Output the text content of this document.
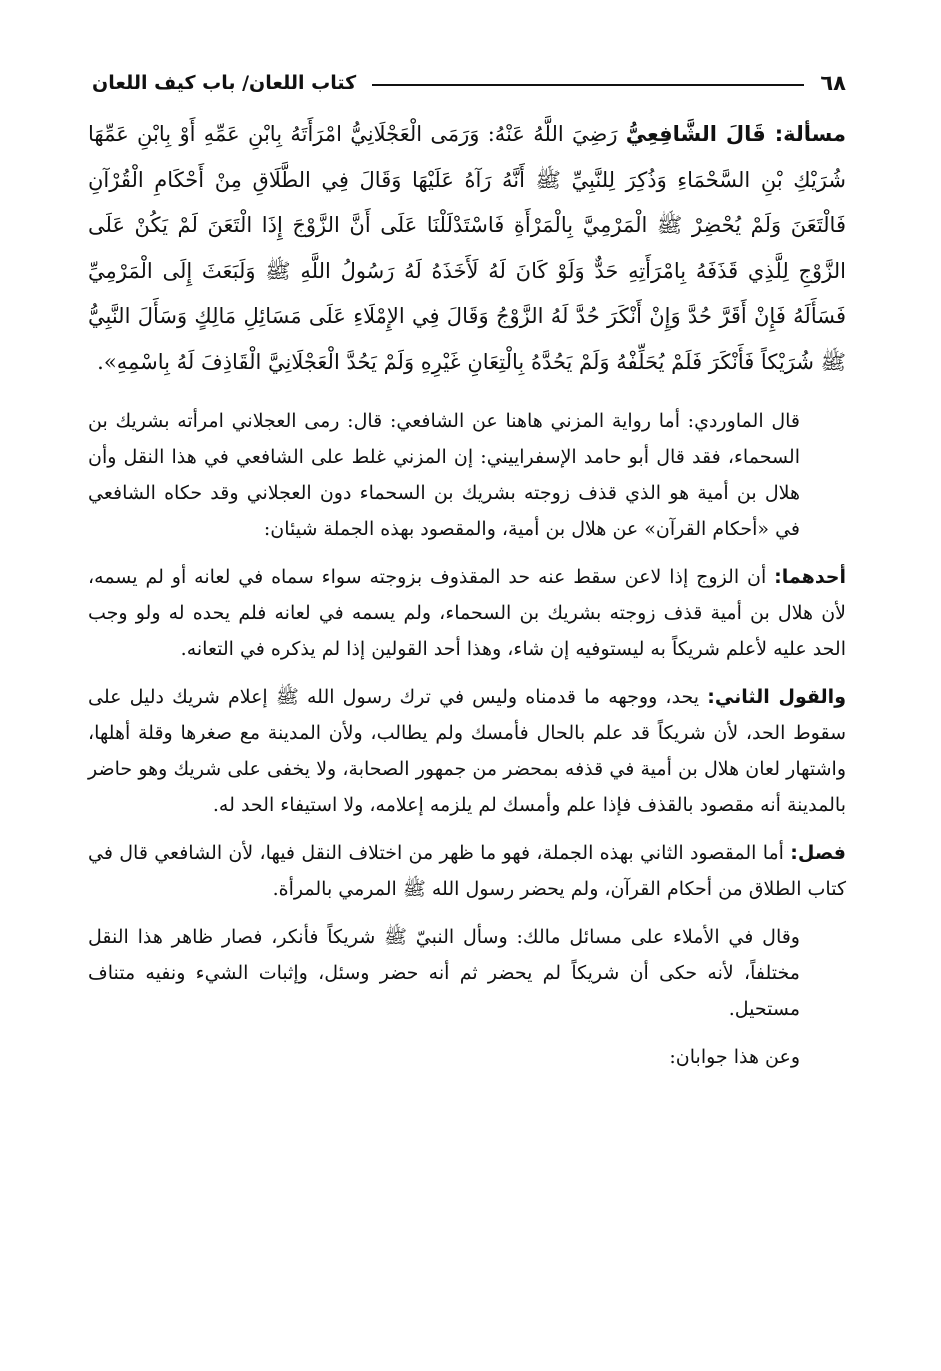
٦٨
كتاب اللعان/ باب كيف اللعان

مسألة: قَالَ الشَّافِعِيُّ رَضِيَ اللَّهُ عَنْهُ: وَرَمَى الْعَجْلَانِيُّ امْرَأَتَهُ بِابْنِ عَمِّهِ أَوْ بِابْنِ عَمِّهَا شُرَيْكِ بْنِ السَّحْمَاءِ وَذُكِرَ لِلنَّبِيِّ ﷺ أَنَّهُ رَآهُ عَلَيْهَا وَقَالَ فِي الطَّلَاقِ مِنْ أَحْكَامِ الْقُرْآنِ فَالْتَعَنَ وَلَمْ يُحْضِرْ ﷺ الْمَرْمِيَّ بِالْمَرْأَةِ فَاسْتَدْلَلْنَا عَلَى أَنَّ الزَّوْجَ إِذَا الْتَعَنَ لَمْ يَكُنْ عَلَى الزَّوْجِ لِلَّذِي قَذَفَهُ بِامْرَأَتِهِ حَدٌّ وَلَوْ كَانَ لَهُ لَأَخَذَهُ لَهُ رَسُولُ اللَّهِ ﷺ وَلَبَعَثَ إِلَى الْمَرْمِيِّ فَسَأَلَهُ فَإِنْ أَقَرَّ حُدَّ وَإِنْ أَنْكَرَ حُدَّ لَهُ الزَّوْجُ وَقَالَ فِي الإِمْلَاءِ عَلَى مَسَائِلِ مَالِكٍ وَسَأَلَ النَّبِيُّ ﷺ شُرَيْكاً فَأَنْكَرَ فَلَمْ يُحَلِّفْهُ وَلَمْ يَحُدَّهُ بِالْتِعَانِ غَيْرِهِ وَلَمْ يَحُدَّ الْعَجْلَانِيَّ الْقَاذِفَ لَهُ بِاسْمِهِ».

قال الماوردي: أما رواية المزني هاهنا عن الشافعي: قال: رمى العجلاني امرأته بشريك بن السحماء، فقد قال أبو حامد الإسفراييني: إن المزني غلط على الشافعي في هذا النقل وأن هلال بن أمية هو الذي قذف زوجته بشريك بن السحماء دون العجلاني وقد حكاه الشافعي في «أحكام القرآن» عن هلال بن أمية، والمقصود بهذه الجملة شيئان:

أحدهما: أن الزوج إذا لاعن سقط عنه حد المقذوف بزوجته سواء سماه في لعانه أو لم يسمه، لأن هلال بن أمية قذف زوجته بشريك بن السحماء، ولم يسمه في لعانه فلم يحده له ولو وجب الحد عليه لأعلم شريكاً به ليستوفيه إن شاء، وهذا أحد القولين إذا لم يذكره في التعانه.

والقول الثاني: يحد، ووجهه ما قدمناه وليس في ترك رسول الله ﷺ إعلام شريك دليل على سقوط الحد، لأن شريكاً قد علم بالحال فأمسك ولم يطالب، ولأن المدينة مع صغرها وقلة أهلها، واشتهار لعان هلال بن أمية في قذفه بمحضر من جمهور الصحابة، ولا يخفى على شريك وهو حاضر بالمدينة أنه مقصود بالقذف فإذا علم وأمسك لم يلزمه إعلامه، ولا استيفاء الحد له.

فصل: أما المقصود الثاني بهذه الجملة، فهو ما ظهر من اختلاف النقل فيها، لأن الشافعي قال في كتاب الطلاق من أحكام القرآن، ولم يحضر رسول الله ﷺ المرمي بالمرأة.

وقال في الأملاء على مسائل مالك: وسأل النبيّ ﷺ شريكاً فأنكر، فصار ظاهر هذا النقل مختلفاً، لأنه حكى أن شريكاً لم يحضر ثم أنه حضر وسئل، وإثبات الشيء ونفيه متناف مستحيل.

وعن هذا جوابان:
